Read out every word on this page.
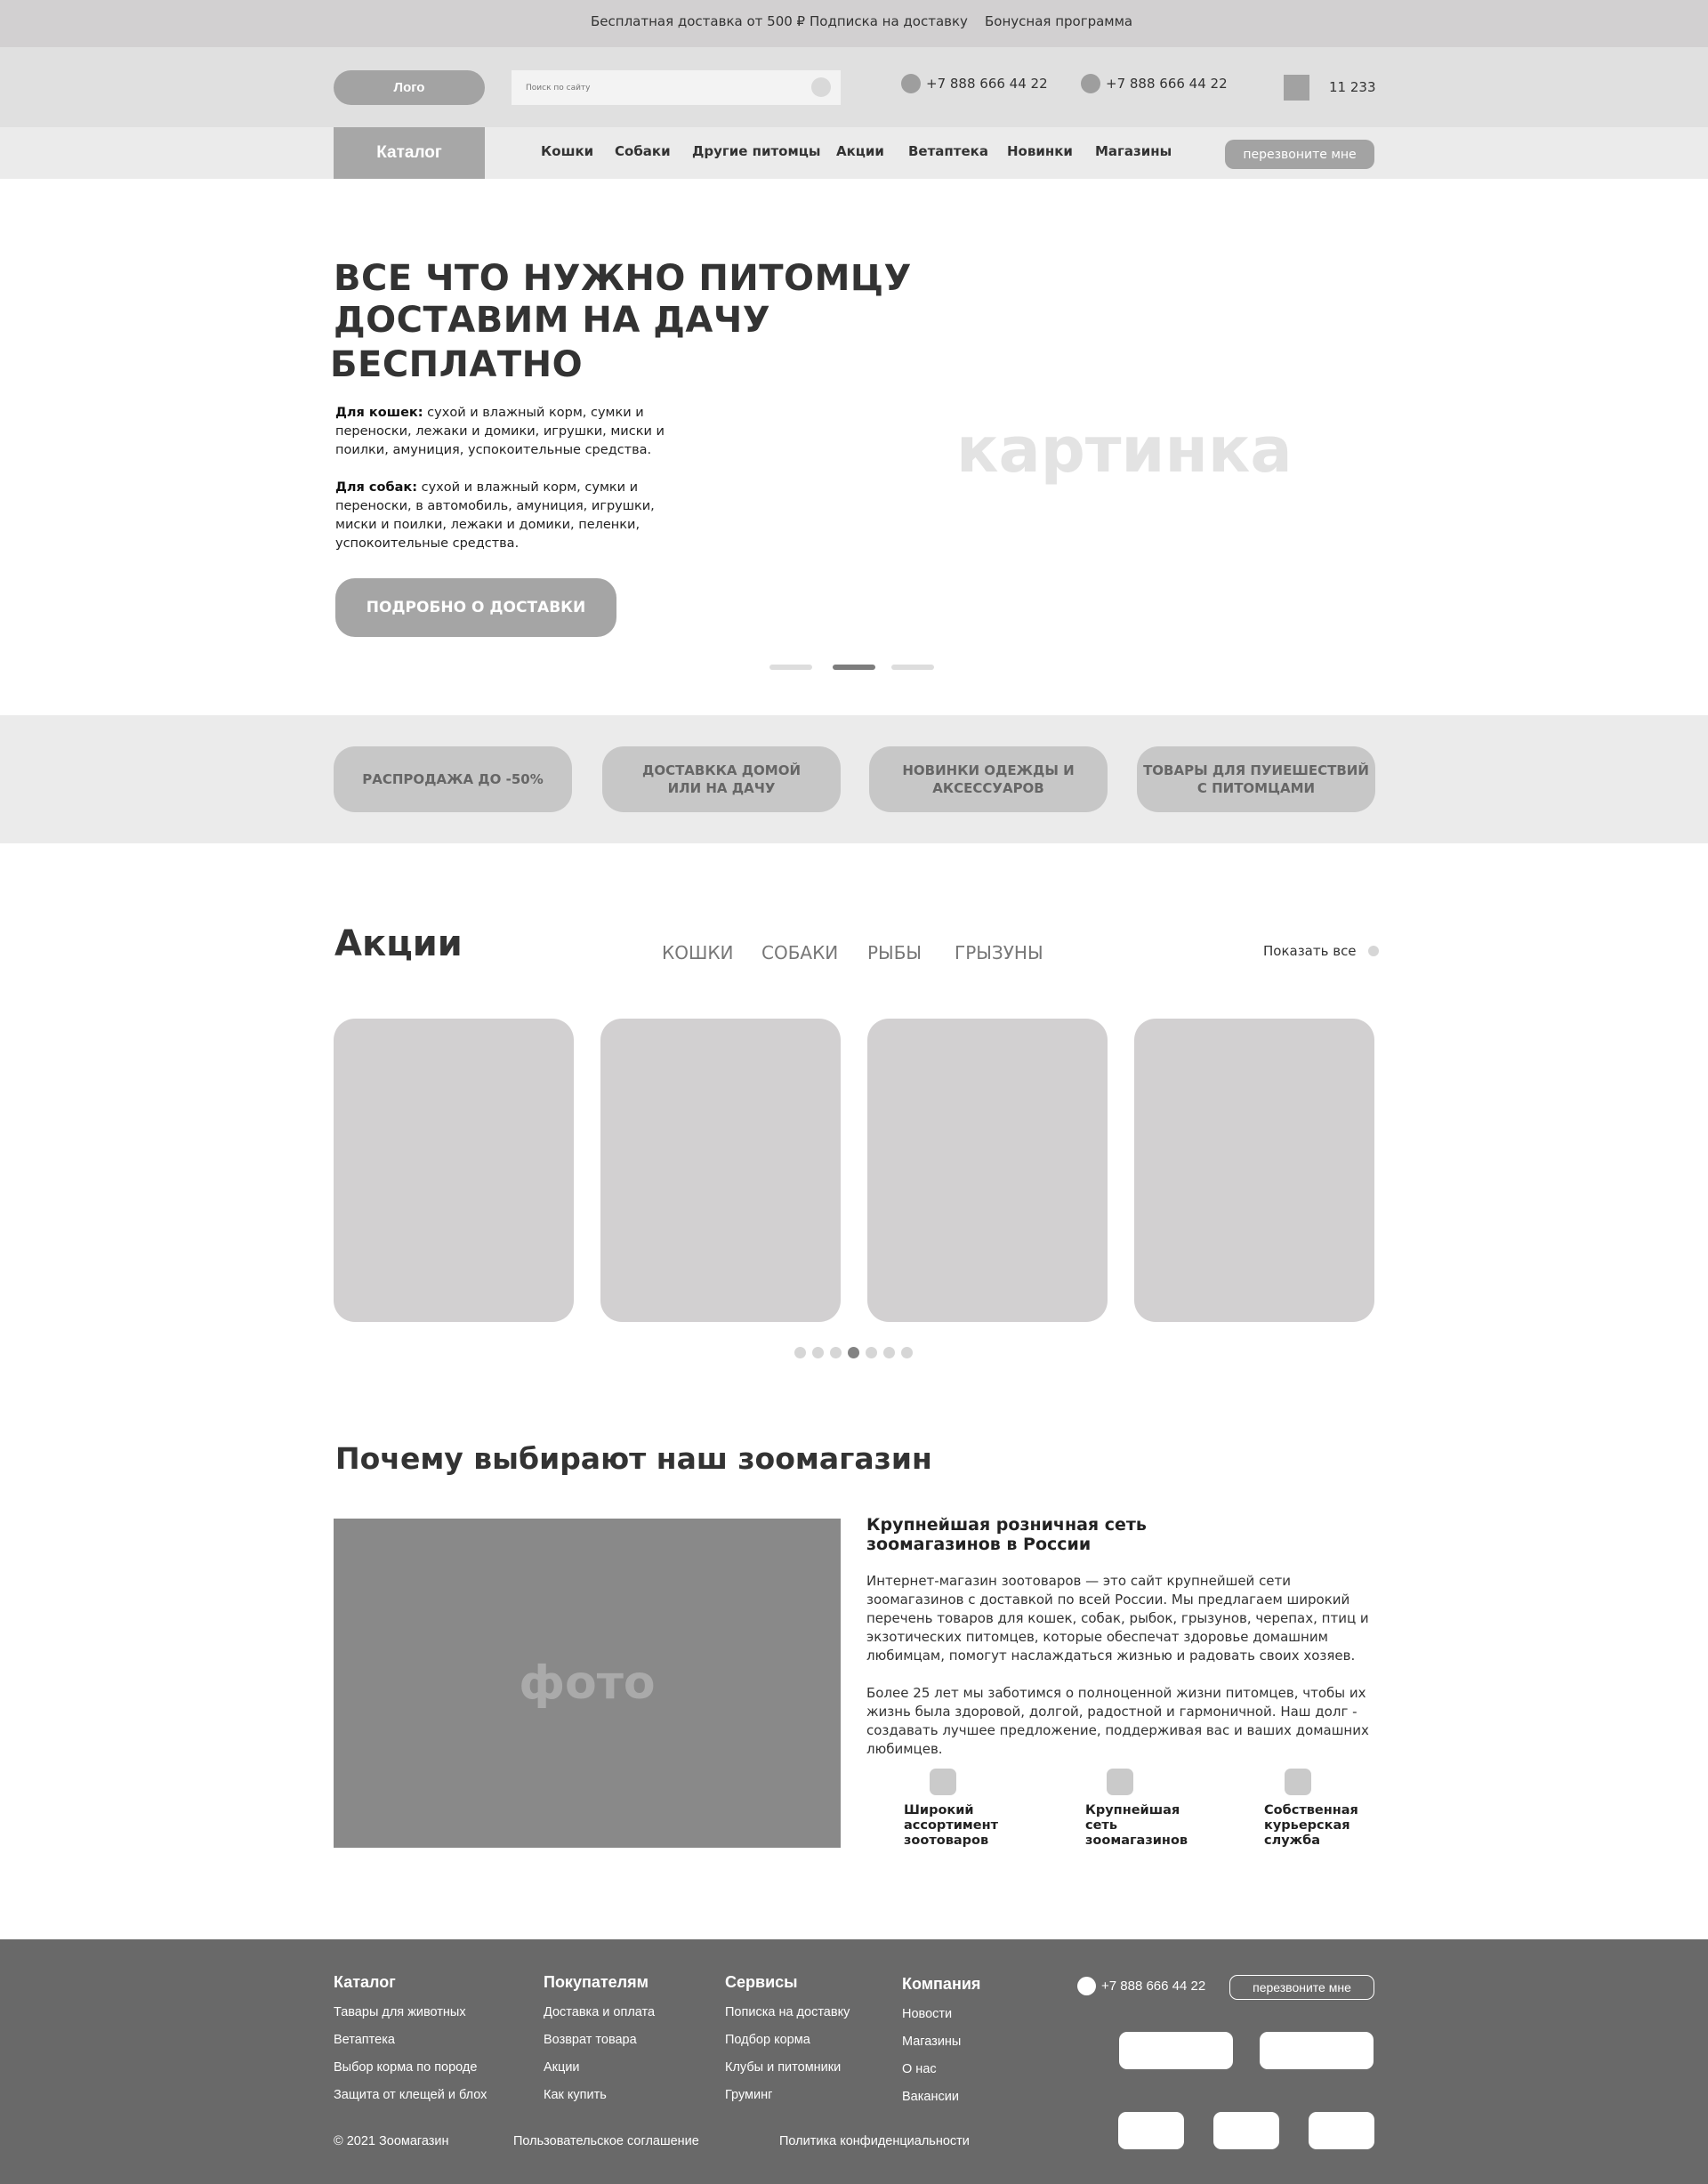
Бесплатная доставка от 500 ₽ Подписка на доставку Бонусная программа
Лого
Поиск по сайту	+7 888 666 44 22	+7 888 666 44 22	11 233
Каталог	Кошки Собаки Другие питомцы Акции Ветаптека Новинки Магазины	перезвоните мне
ВСЕ ЧТО НУЖНО ПИТОМЦУ
ДОСТАВИМ НА ДАЧУ
БЕСПЛАТНО

Для кошек: сухой и влажный корм, сумки и переноски, лежаки и домики, игрушки, миски и поилки, амуниция, успокоительные средства.

Для собак: сухой и влажный корм, сумки и переноски, в автомобиль, амуниция, игрушки, миски и поилки, лежаки и домики, пеленки, успокоительные средства.

ПОДРОБНО О ДОСТАВКИ
картинка
РАСПРОДАЖА ДО -50%
ДОСТАВККА ДОМОЙ
ИЛИ НА ДАЧУ
НОВИНКИ ОДЕЖДЫ И
АКСЕССУАРОВ
ТОВАРЫ ДЛЯ ПУИЕШЕСТВИЙ
С ПИТОМЦАМИ
Акции	КОШКИ СОБАКИ РЫБЫ ГРЫЗУНЫ	Показать все
Почему выбирают наш зоомагазин
фото
Крупнейшая розничная сеть
зоомагазинов в России

Интернет-магазин зоотоваров — это сайт крупнейшей сети зоомагазинов с доставкой по всей России. Мы предлагаем широкий перечень товаров для кошек, собак, рыбок, грызунов, черепах, птиц и экзотических питомцев, которые обеспечат здоровье домашним любимцам, помогут наслаждаться жизнью и радовать своих хозяев.

Более 25 лет мы заботимся о полноценной жизни питомцев, чтобы их жизнь была здоровой, долгой, радостной и гармоничной. Наш долг - создавать лучшее предложение, поддерживая вас и ваших домашних любимцев.

Широкий
ассортимент
зоотоваров
Крупнейшая
сеть
зоомагазинов
Собственная
курьерская
служба
Каталог
Тавары для животных
Ветаптека
Выбор корма по породе
Защита от клещей и блох
Покупателям
Доставка и оплата
Возврат товара
Акции
Как купить
Сервисы
Пописка на доставку
Подбор корма
Клубы и питомники
Груминг
Компания
Новости
Магазины
О нас
Вакансии
+7 888 666 44 22	перезвоните мне
© 2021 Зоомагазин	Пользовательское соглашение	Политика конфиденциальности
